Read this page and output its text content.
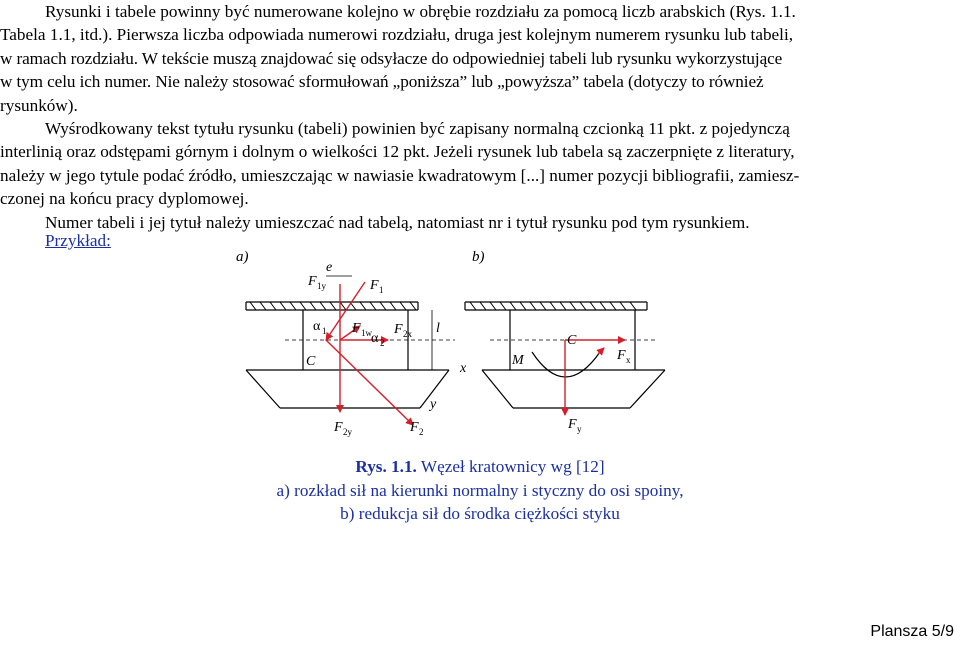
Rysunki i tabele powinny być numerowane kolejno w obrębie rozdziału za pomocą liczb arabskich (Rys. 1.1.
Tabela 1.1, itd.). Pierwsza liczba odpowiada numerowi rozdziału, druga jest kolejnym numerem rysunku lub tabeli,
w ramach rozdziału. W tekście muszą znajdować się odsyłacze do odpowiedniej tabeli lub rysunku wykorzystujące
w tym celu ich numer. Nie należy stosować sformułowań „poniższa” lub „powyższa” tabela (dotyczy to również
rysunków).
Wyśrodkowany tekst tytułu rysunku (tabeli) powinien być zapisany normalną czcionką 11 pkt. z pojedynczą
interlinią oraz odstępami górnym i dolnym o wielkości 12 pkt. Jeżeli rysunek lub tabela są zaczerpnięte z literatury,
należy w jego tytule podać źródło, umieszczając w nawiasie kwadratowym [...] numer pozycji bibliografii, zamiesz-
czonej na końcu pracy dyplomowej.
Numer tabeli i jej tytuł należy umieszczać nad tabelą, natomiast nr i tytuł rysunku pod tym rysunkiem.
Przykład:
a)	b)
e
F 1y	F 1
α 1 F 1w α 2
F 2x l
C
F 2y	F 2
x
y
M
C
F x
F y
Rys. 1.1. Węzeł kratownicy wg [12]
a) rozkład sił na kierunki normalny i styczny do osi spoiny,
b) redukcja sił do środka ciężkości styku
Plansza 5/9
